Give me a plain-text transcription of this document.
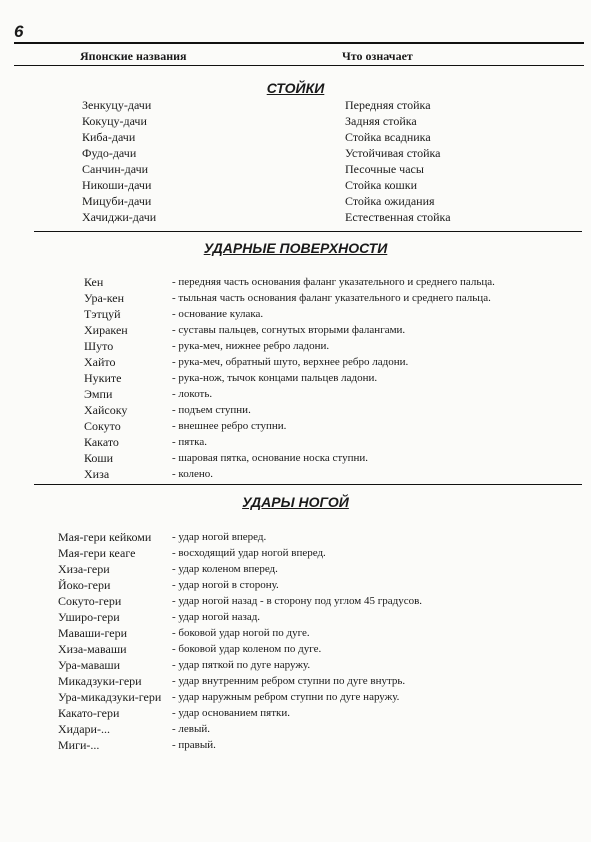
6
Японские названия	Что означает
СТОЙКИ
Зенкуцу-дачи	Передняя стойка
Кокуцу-дачи	Задняя стойка
Киба-дачи	Стойка всадника
Фудо-дачи	Устойчивая стойка
Санчин-дачи	Песочные часы
Никоши-дачи	Стойка кошки
Мицуби-дачи	Стойка ожидания
Хачиджи-дачи	Естественная стойка
УДАРНЫЕ ПОВЕРХНОСТИ
Кен	- передняя часть основания фаланг указательного и среднего пальца.
Ура-кен	- тыльная часть основания фаланг указательного и среднего пальца.
Тэтцуй	- основание кулака.
Хиракен	- суставы пальцев, согнутых вторыми фалангами.
Шуто	- рука-меч, нижнее ребро ладони.
Хайто	- рука-меч, обратный шуто, верхнее ребро ладони.
Нуките	- рука-нож, тычок концами пальцев ладони.
Эмпи	- локоть.
Хайсоку	- подъем ступни.
Сокуто	- внешнее ребро ступни.
Какато	- пятка.
Коши	- шаровая пятка, основание носка ступни.
Хиза	- колено.
УДАРЫ НОГОЙ
Мая-гери кейкоми - удар ногой вперед.
Мая-гери кеаге	- восходящий удар ногой вперед.
Хиза-гери	- удар коленом вперед.
Йоко-гери	- удар ногой в сторону.
Сокуто-гери	- удар ногой назад - в сторону под углом 45 градусов.
Уширо-гери	- удар ногой назад.
Маваши-гери	- боковой удар ногой по дуге.
Хиза-маваши	- боковой удар коленом по дуге.
Ура-маваши	- удар пяткой по дуге наружу.
Микадзуки-гери	- удар внутренним ребром ступни по дуге внутрь.
Ура-микадзуки-гери - удар наружным ребром ступни по дуге наружу.
Какато-гери	- удар основанием пятки.
Хидари-...	- левый.
Миги-...	- правый.
